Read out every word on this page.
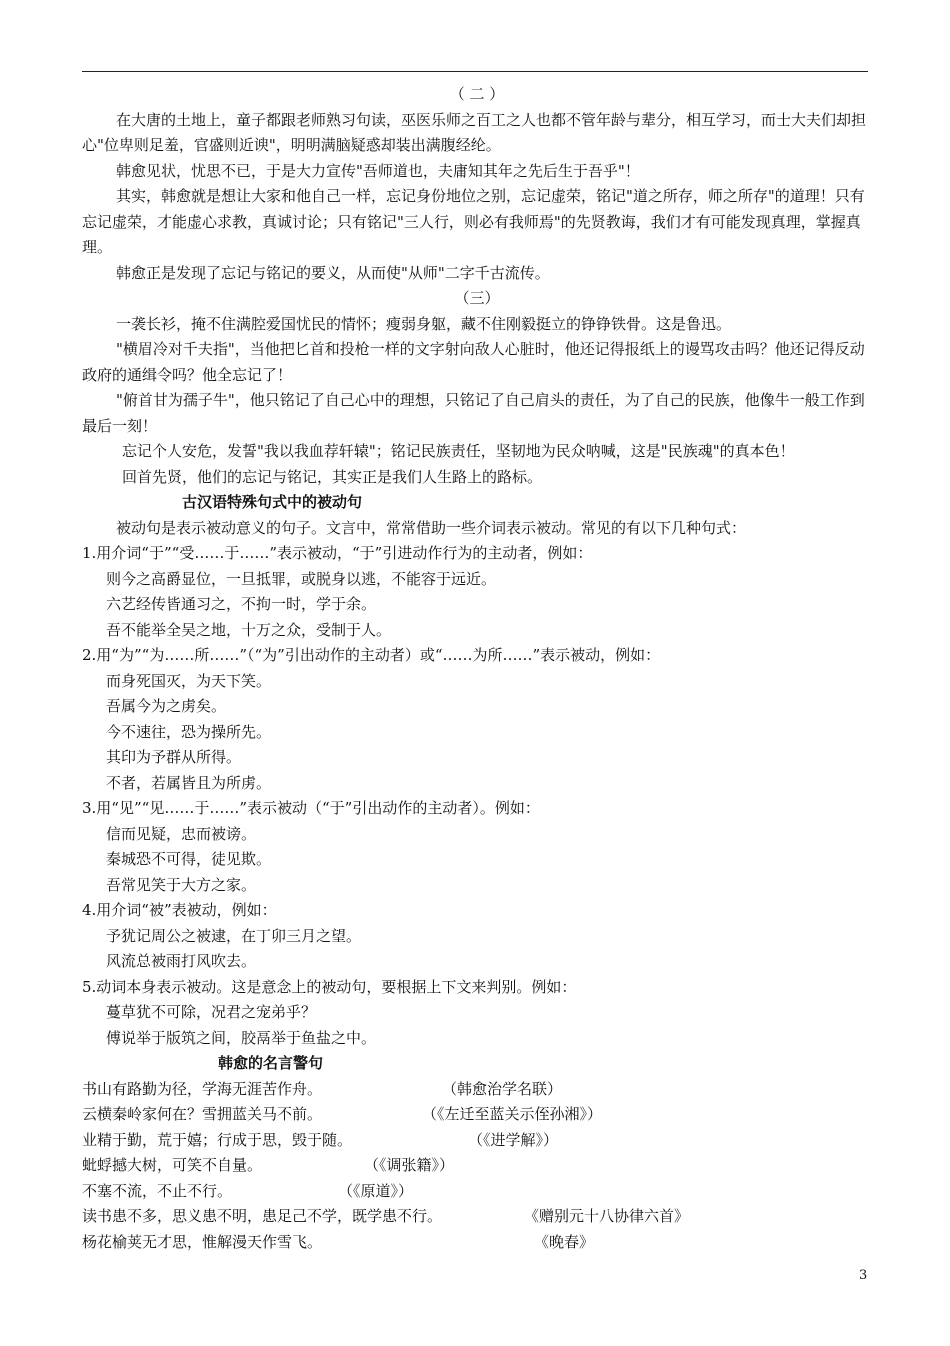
（ 二 ）
在大唐的土地上，童子都跟老师熟习句读，巫医乐师之百工之人也都不管年龄与辈分，相互学习，而士大夫们却担心"位卑则足羞，官盛则近谀"，明明满脑疑惑却装出满腹经纶。
韩愈见状，忧思不已，于是大力宣传"吾师道也，夫庸知其年之先后生于吾乎"！
其实，韩愈就是想让大家和他自己一样，忘记身份地位之别，忘记虚荣，铭记"道之所存，师之所存"的道理！只有忘记虚荣，才能虚心求教，真诚讨论；只有铭记"三人行，则必有我师焉"的先贤教诲，我们才有可能发现真理，掌握真理。
韩愈正是发现了忘记与铭记的要义，从而使"从师"二字千古流传。
（三）
一袭长衫，掩不住满腔爱国忧民的情怀；瘦弱身躯，藏不住刚毅挺立的铮铮铁骨。这是鲁迅。
"横眉冷对千夫指"，当他把匕首和投枪一样的文字射向敌人心脏时，他还记得报纸上的谩骂攻击吗？他还记得反动政府的通缉令吗？他全忘记了！
"俯首甘为孺子牛"，他只铭记了自己心中的理想，只铭记了自己肩头的责任，为了自己的民族，他像牛一般工作到最后一刻！
忘记个人安危，发誓"我以我血荐轩辕"；铭记民族责任，坚韧地为民众呐喊，这是"民族魂"的真本色！
回首先贤，他们的忘记与铭记，其实正是我们人生路上的路标。
古汉语特殊句式中的被动句
被动句是表示被动意义的句子。文言中，常常借助一些介词表示被动。常见的有以下几种句式：
1.用介词“于”“受……于……”表示被动，“于”引进动作行为的主动者，例如：
则今之高爵显位，一旦抵罪，或脱身以逃，不能容于远近。
六艺经传皆通习之，不拘一时，学于余。
吾不能举全吴之地，十万之众，受制于人。
2.用“为”“为……所……”（“为”引出动作的主动者）或“……为所……”表示被动，例如：
而身死国灭，为天下笑。
吾属今为之虏矣。
今不速往，恐为操所先。
其印为予群从所得。
不者，若属皆且为所虏。
3.用“见”“见……于……”表示被动（“于”引出动作的主动者）。例如：
信而见疑，忠而被谤。
秦城恐不可得，徒见欺。
吾常见笑于大方之家。
4.用介词“被”表被动，例如：
予犹记周公之被逮，在丁卯三月之望。
风流总被雨打风吹去。
5.动词本身表示被动。这是意念上的被动句，要根据上下文来判别。例如：
蔓草犹不可除，况君之宠弟乎？
傅说举于版筑之间，胶鬲举于鱼盐之中。
韩愈的名言警句
书山有路勤为径，学海无涯苦作舟。	（韩愈治学名联）
云横秦岭家何在？雪拥蓝关马不前。	（《左迁至蓝关示侄孙湘》）
业精于勤，荒于嬉；行成于思，毁于随。	（《进学解》）
蚍蜉撼大树，可笑不自量。	（《调张籍》）
不塞不流，不止不行。	（《原道》）
读书患不多，思义患不明，患足己不学，既学患不行。	《赠别元十八协律六首》
杨花榆荚无才思，惟解漫天作雪飞。	《晚春》
3
